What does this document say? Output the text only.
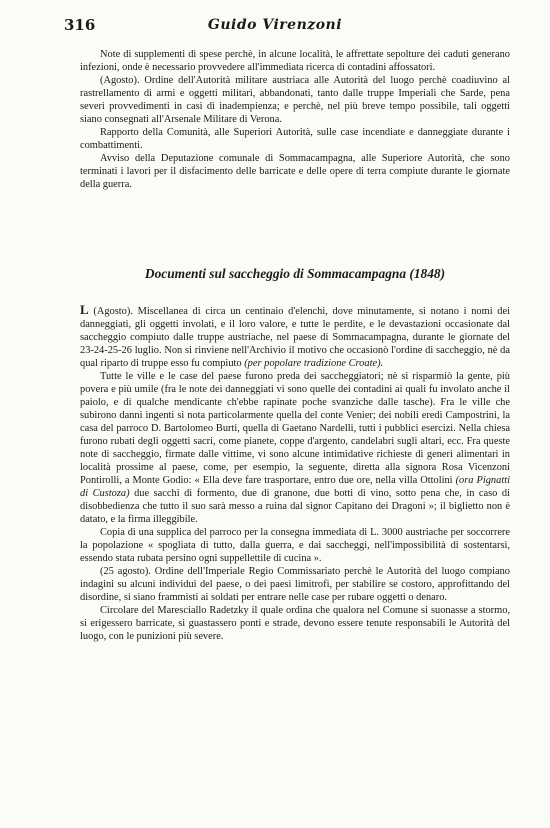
316	Guido Virenzoni

Note di supplementi di spese perchè, in alcune località, le affrettate sepolture dei caduti generano infezioni, onde è necessario provvedere all'immediata ricerca di contadini affossatori.

(Agosto). Ordine dell'Autorità militare austriaca alle Autorità del luogo perchè coadiuvino al rastrellamento di armi e oggetti militari, abbandonati, tanto dalle truppe Imperiali che Sarde, pena severi provvedimenti in casi di inadempienza; e perchè, nel più breve tempo possibile, tali oggetti siano consegnati all'Arsenale Militare di Verona.

Rapporto della Comunità, alle Superiori Autorità, sulle case incendiate e danneggiate durante i combattimenti.

Avviso della Deputazione comunale di Sommacampagna, alle Superiore Autorità, che sono terminati i lavori per il disfacimento delle barricate e delle opere di terra compiute durante le giornate della guerra.

Documenti sul saccheggio di Sommacampagna (1848)

L (Agosto). Miscellanea di circa un centinaio d'elenchi, dove minutamente, si notano i nomi dei danneggiati, gli oggetti involati, e il loro valore, e tutte le perdite, e le devastazioni occasionate dal saccheggio compiuto dalle truppe austriache, nel paese di Sommacampagna, durante le giornate del 23-24-25-26 luglio. Non si rinviene nell'Archivio il motivo che occasionò l'ordine di saccheggio, nè da qual riparto di truppe esso fu compiuto (per popolare tradizione Croate).

Tutte le ville e le case del paese furono preda dei saccheggiatori; nè si risparmiò la gente, più povera e più umile (fra le note dei danneggiati vi sono quelle dei contadini ai quali fu involato anche il paiolo, e di qualche mendicante ch'ebbe rapinate poche svanziche dalle tasche). Fra le ville che subirono danni ingenti si nota particolarmente quella del conte Venier; dei nobili eredi Campostrini, la casa del parroco D. Bartolomeo Burti, quella di Gaetano Nardelli, tutti i pubblici esercizi. Nella chiesa furono rubati degli oggetti sacri, come pianete, coppe d'argento, candelabri sugli altari, ecc. Fra queste note di saccheggio, firmate dalle vittime, vi sono alcune intimidative richieste di generi alimentari in località prossime al paese, come, per esempio, la seguente, diretta alla signora Rosa Vicenzoni Pontirolli, a Monte Godio: « Ella deve fare trasportare, entro due ore, nella villa Ottolini (ora Pignatti di Custoza) due sacchi di formento, due di granone, due botti di vino, sotto pena che, in caso di disobbedienza che tutto il suo sarà messo a ruina dal signor Capitano dei Dragoni »; il biglietto non è datato, e la firma illeggibile.

Copia di una supplica del parroco per la consegna immediata di L. 3000 austriache per soccorrere la popolazione « spogliata di tutto, dalla guerra, e dai saccheggi, nell'impossibilità di sostentarsi, essendo stata rubata persino ogni suppellettile di cucina ».

(25 agosto). Ordine dell'Imperiale Regio Commissariato perchè le Autorità del luogo compiano indagini su alcuni individui del paese, o dei paesi limitrofi, per stabilire se costoro, approfittando del disordine, si siano frammisti ai soldati per entrare nelle case per rubare oggetti o denaro.

Circolare del Maresciallo Radetzky il quale ordina che qualora nel Comune si suonasse a stormo, si erigessero barricate, si guastassero ponti e strade, devono essere tenute responsabili le Autorità del luogo, con le punizioni più severe.
